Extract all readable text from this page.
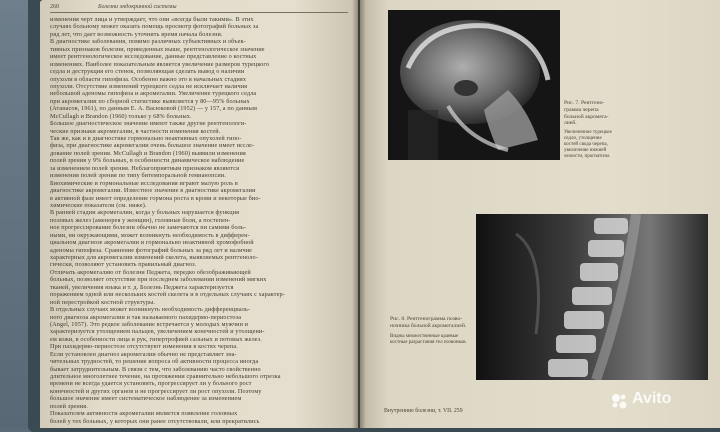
260	Болезни эндокринной системы
изменения черт лица и утверждает, что они «всегда были такими». В этих
случаях больному может оказать помощь просмотр фотографий больных за
ряд лет, что дает возможность уточнить время начала болезни.
В диагностике заболевания, помимо различных субъективных и объек-
тивных признаков болезни, приведенных выше, рентгенологическое значение
имеет рентгенологическое исследование, данные представление о костных
изменениях. Наиболее показательным является увеличение размеров турецкого
седла и деструкция его стенок, позволяющая сделать вывод о наличии
опухоли в области гипофиза. Особенно важно это в начальных стадиях
опухоли. Отсутствие изменений турецкого седла не исключает наличия
небольшой аденомы гипофиза и акромегалии. Увеличение турецкого седла
при акромегалии по сборной статистике выявляется у 80—95% больных
(Атанасов, 1961), по данным Е. А. Васюковой (1952) — у 157, а по данным
McCullagh и Brandon (1960) только у 68% больных.
Большое диагностическое значение имеют также другие рентгенологи-
ческие признаки акромегалии, в частности изменения костей.
Так же, как и в диагностике гормонально неактивных опухолей гипо-
физа, при диагностике акромегалии очень большое значение имеет иссле-
дование полей зрения. McCullagh и Brandon (1960) выявили изменения
полей зрения у 9% больных, в особенности динамическое наблюдение
за изменением полей зрения. Неблагоприятным признаком являются
изменения полей зрения по типу битемпоральной гемианопсии.
Биохимические и гормональные исследования играют малую роль в
диагностике акромегалии. Известное значение в диагностике акромегалии
в активной фазе имеет определение гормона роста в крови и некоторые био-
химические показатели (см. ниже).
В ранней стадии акромегалии, когда у больных нарушается функция
половых желез (аменорея у женщин), головные боли, а постепен-
ное прогрессирование болезни обычно не замечаются ни самими боль-
ными, ни окружающими, может возникнуть необходимость в дифферен-
циальном диагнозе акромегалии и гормонально неактивной хромофобной
аденомы гипофиза. Сравнение фотографий больных за ряд лет и наличие
характерных для акромегалии изменений скелета, выявляемых рентгеноло-
гически, позволяют установить правильный диагноз.
Отличать акромегалию от болезни Педжета, передко обезображивающей
больных, позволяет отсутствие при последнем заболевании изменений мягких
тканей, увеличения языка и т. д. Болезнь Педжета характеризуется
поражением одной или нескольких костей скелета и в отдельных случаях с характер-
ной перестройкой костной структуры.
В отдельных случаях может возникнуть необходимость дифференциаль-
ного диагноза акромегалии и так называемого пахидермо-периостоза
(Angel, 1957). Это редкое заболевание встречается у молодых мужчин и
характеризуется утолщением пальцев, увеличением конечностей и утолщени-
ем кожи, в особенности лица и рук, гипертрофией сальных и потовых желез.
При пахидермо-периостозе отсутствуют изменения в костях черепа.
Если установлен диагноз акромегалии обычно не представляет зна-
чительных трудностей, то решение вопроса об активности процесса иногда
бывает затруднительным. В связи с тем, что заболеванию часто свойственно
длительное многолетнее течение, на протяжении сравнительно небольшого отрезка
времени не всегда удается установить, прогрессирует ли у больного рост
конечностей и других органов и не прогрессирует ли рост опухоли. Поэтому
большое значение имеет систематическое наблюдение за изменением
полей зрения.
Показателем активности акромегалии является появление головных
болей у тех больных, у которых они ранее отсутствовали, или прекратились
Рис. 7. Рентгено-
грамма черепа
больной акромега-
лией.
Увеличенное турецкое
седло, утолщение
костей свода черепа,
увеличение нижней
челюсти, прогнатизм.
Рис. 8. Рентгенограмма позво-
ночника больной акромегалией.
Видны множественные краевые
костные разрастания тел позвонков.
Внутренние болезни, т. VII. 259
Avito
